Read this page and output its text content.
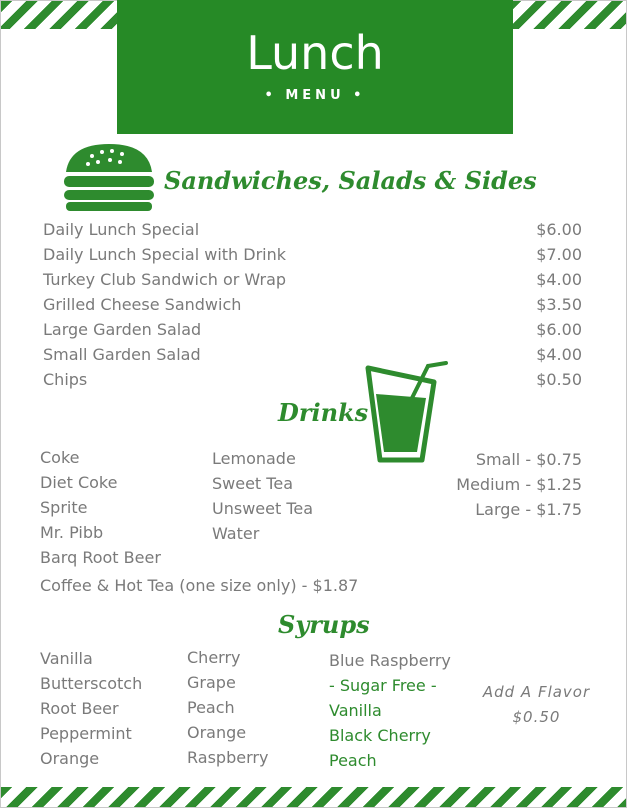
Lunch
• MENU •
Sandwiches, Salads & Sides
Daily Lunch Special	$6.00
Daily Lunch Special with Drink	$7.00
Turkey Club Sandwich or Wrap	$4.00
Grilled Cheese Sandwich	$3.50
Large Garden Salad	$6.00
Small Garden Salad	$4.00
Chips	$0.50
Drinks
Coke
Diet Coke
Sprite
Mr. Pibb
Barq Root Beer
Lemonade
Sweet Tea
Unsweet Tea
Water
Small - $0.75
Medium - $1.25
Large - $1.75
Coffee & Hot Tea (one size only) - $1.87
Syrups
Vanilla
Butterscotch
Root Beer
Peppermint
Orange
Cherry
Grape
Peach
Orange
Raspberry
Blue Raspberry
Vanilla
Black Cherry
Peach
- Sugar Free -	Add A Flavor
$0.50
